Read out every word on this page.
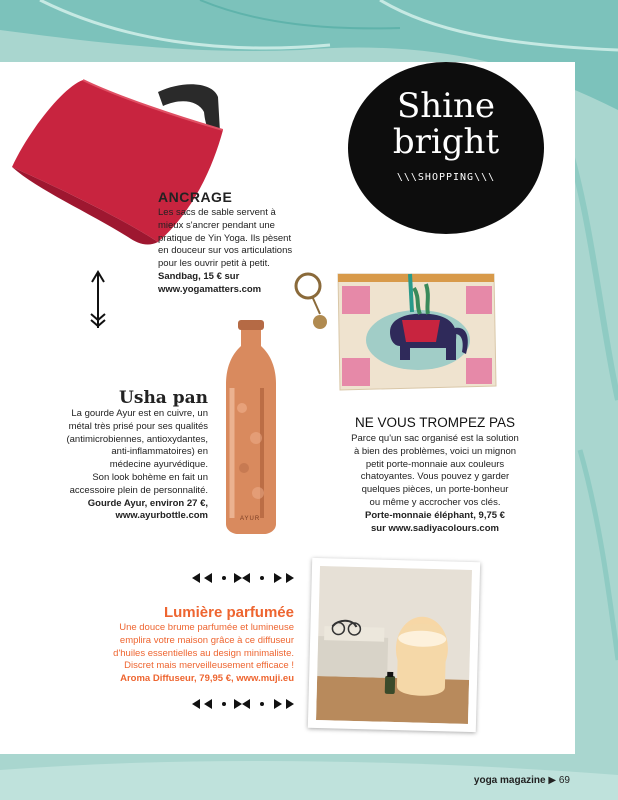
Shine
bright
\\\SHOPPING\\\
ANCRAGE
Les sacs de sable servent à
mieux s'ancrer pendant une
pratique de Yin Yoga. Ils pèsent
en douceur sur vos articulations
pour les ouvrir petit à petit.
Sandbag, 15 € sur
www.yogamatters.com
AYUR
Usha pan
La gourde Ayur est en cuivre, un
métal très prisé pour ses qualités
(antimicrobiennes, antioxydantes,
anti-inflammatoires) en
médecine ayurvédique.
Son look bohème en fait un
accessoire plein de personnalité.
Gourde Ayur, environ 27 €,
www.ayurbottle.com
NE VOUS TROMPEZ PAS
Parce qu'un sac organisé est la solution
à bien des problèmes, voici un mignon
petit porte-monnaie aux couleurs
chatoyantes. Vous pouvez y garder
quelques pièces, un porte-bonheur
ou même y accrocher vos clés.
Porte-monnaie éléphant, 9,75 €
sur www.sadiyacolours.com
Lumière parfumée
Une douce brume parfumée et lumineuse
emplira votre maison grâce à ce diffuseur
d'huiles essentielles au design minimaliste.
Discret mais merveilleusement efficace !
Aroma Diffuseur, 79,95 €, www.muji.eu
yoga magazine ▶ 69
